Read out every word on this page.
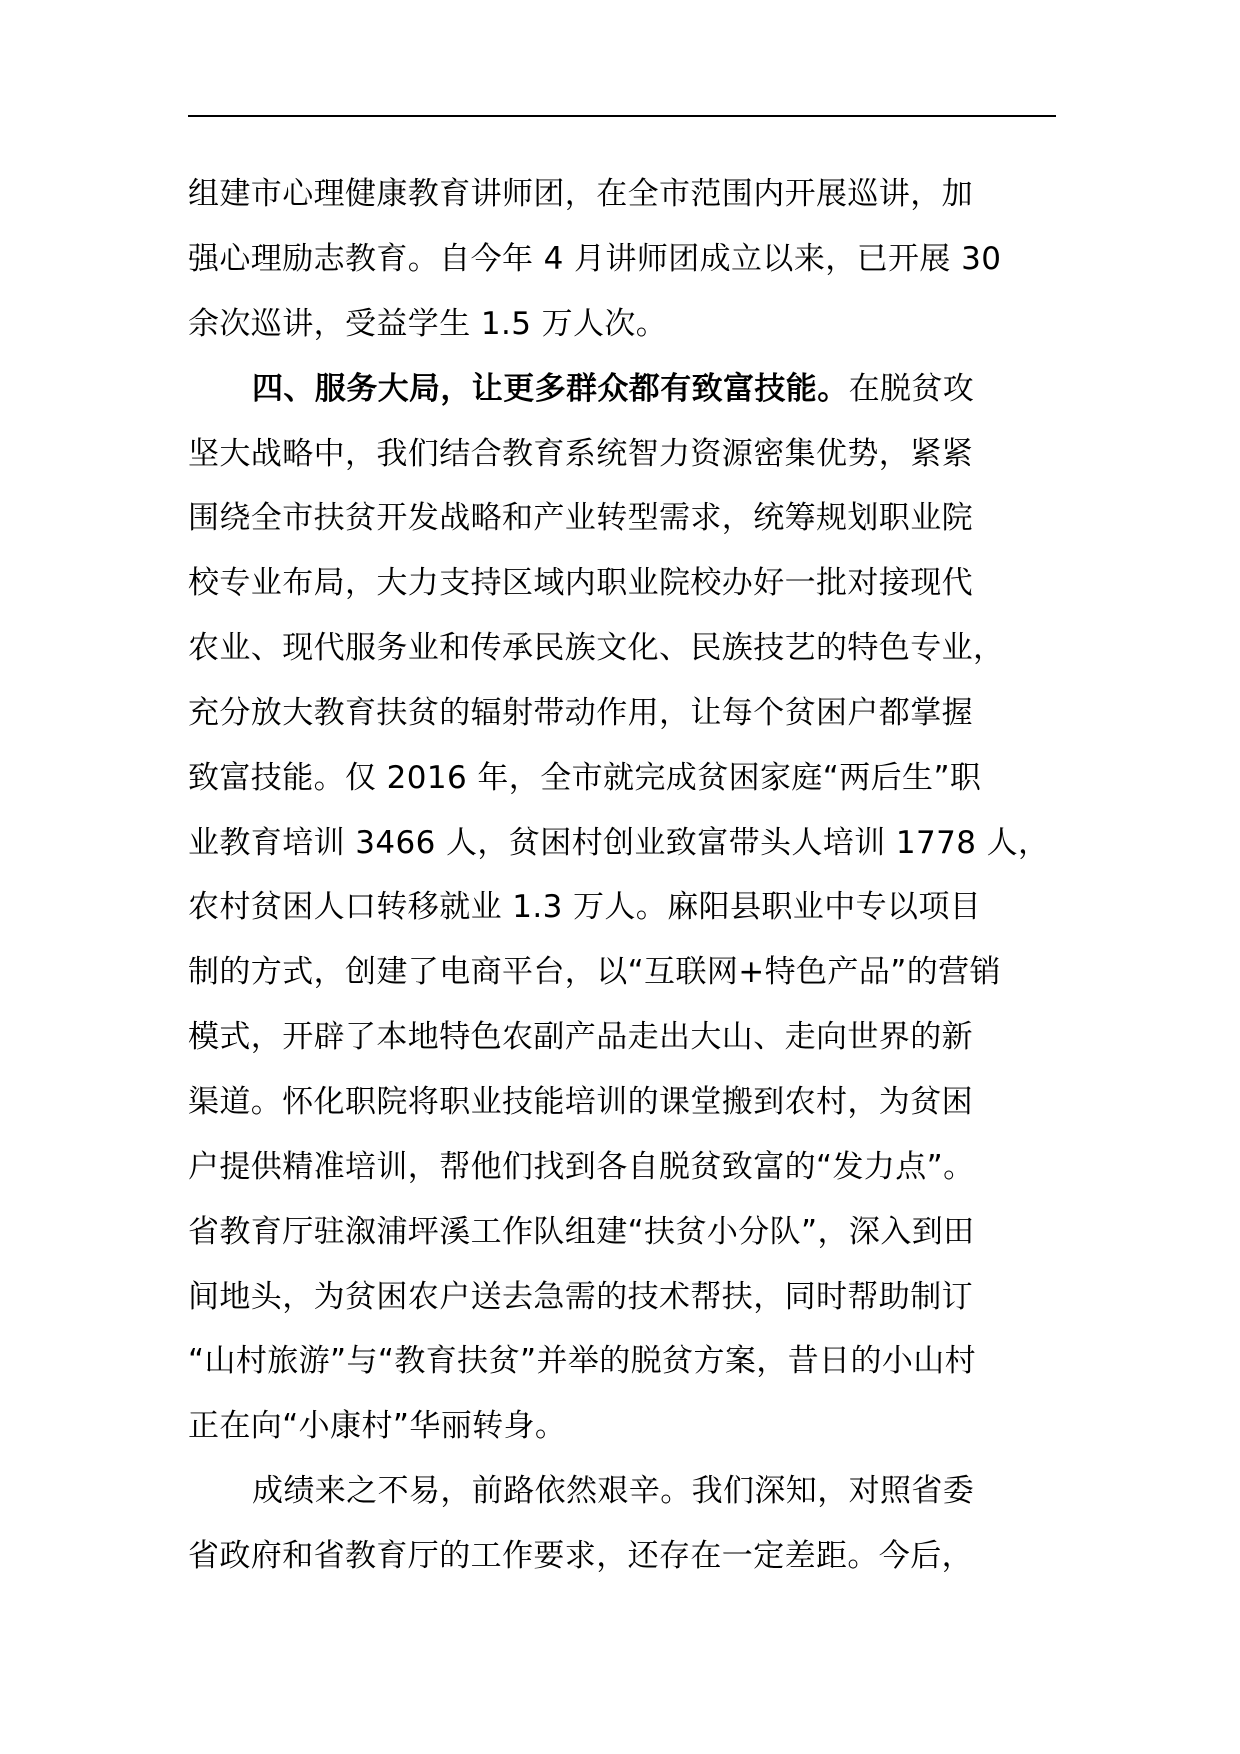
组建市心理健康教育讲师团，在全市范围内开展巡讲，加
强心理励志教育。自今年 4 月讲师团成立以来，已开展 30
余次巡讲，受益学生 1.5 万人次。
四、服务大局，让更多群众都有致富技能。在脱贫攻
坚大战略中，我们结合教育系统智力资源密集优势，紧紧
围绕全市扶贫开发战略和产业转型需求，统筹规划职业院
校专业布局，大力支持区域内职业院校办好一批对接现代
农业、现代服务业和传承民族文化、民族技艺的特色专业，
充分放大教育扶贫的辐射带动作用，让每个贫困户都掌握
致富技能。仅 2016 年，全市就完成贫困家庭“两后生”职
业教育培训 3466 人，贫困村创业致富带头人培训 1778 人，
农村贫困人口转移就业 1.3 万人。麻阳县职业中专以项目
制的方式，创建了电商平台，以“互联网+特色产品”的营销
模式，开辟了本地特色农副产品走出大山、走向世界的新
渠道。怀化职院将职业技能培训的课堂搬到农村，为贫困
户提供精准培训，帮他们找到各自脱贫致富的“发力点”。
省教育厅驻溆浦坪溪工作队组建“扶贫小分队”，深入到田
间地头，为贫困农户送去急需的技术帮扶，同时帮助制订
“山村旅游”与“教育扶贫”并举的脱贫方案，昔日的小山村
正在向“小康村”华丽转身。
成绩来之不易，前路依然艰辛。我们深知，对照省委
省政府和省教育厅的工作要求，还存在一定差距。今后，
